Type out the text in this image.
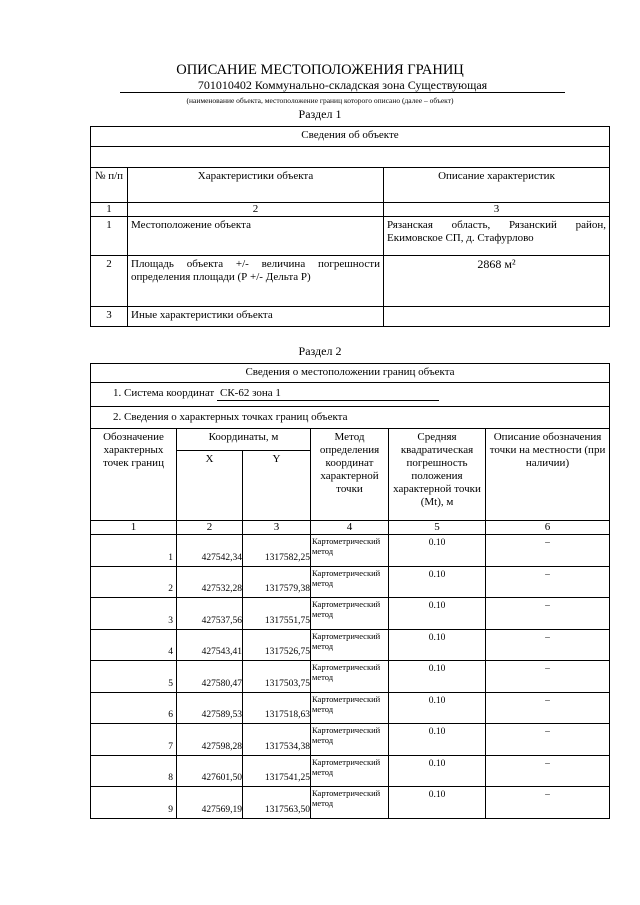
ОПИСАНИЕ МЕСТОПОЛОЖЕНИЯ ГРАНИЦ
701010402 Коммунально-складская зона Существующая
(наименование объекта, местоположение границ которого описано (далее – объект)
Раздел 1
Сведения об объекте		

№ п/п	Характеристики объекта	Описание характеристик
1	2	3
1	Местоположение объекта	Рязанская область, Рязанский район, Екимовское СП, д. Стафурлово
2	Площадь объекта +/- величина погрешности определения площади (Р +/- Дельта Р)	2868 м²
3	Иные характеристики объекта	
Раздел 2
Сведения о местоположении границ объекта					
1. Система координат СК-62 зона 1					
2. Сведения о характерных точках границ объекта					
Обозначение характерных точек границ	Координаты, м		Метод определения координат характерной точки	Средняя квадратическая погрешность положения характерной точки (Mt), м	Описание обозначения точки на местности (при наличии)
	X	Y			
1	2	3	4	5	6
1	427542,34	1317582,25	Картометрический метод	0.10	–
2	427532,28	1317579,38	Картометрический метод	0.10	–
3	427537,56	1317551,75	Картометрический метод	0.10	–
4	427543,41	1317526,75	Картометрический метод	0.10	–
5	427580,47	1317503,75	Картометрический метод	0.10	–
6	427589,53	1317518,63	Картометрический метод	0.10	–
7	427598,28	1317534,38	Картометрический метод	0.10	–
8	427601,50	1317541,25	Картометрический метод	0.10	–
9	427569,19	1317563,50	Картометрический метод	0.10	–
